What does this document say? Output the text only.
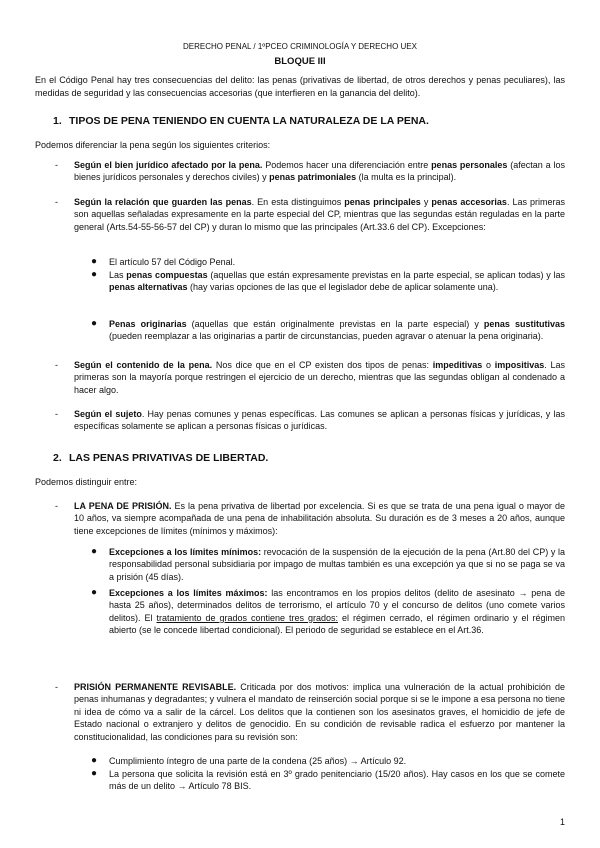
DERECHO PENAL / 1ºPCEO CRIMINOLOGÍA Y DERECHO UEX
BLOQUE III
En el Código Penal hay tres consecuencias del delito: las penas (privativas de libertad, de otros derechos y penas peculiares), las medidas de seguridad y las consecuencias accesorias (que interfieren en la ganancia del delito).
1. TIPOS DE PENA TENIENDO EN CUENTA LA NATURALEZA DE LA PENA.
Podemos diferenciar la pena según los siguientes criterios:
- Según el bien jurídico afectado por la pena. Podemos hacer una diferenciación entre penas personales (afectan a los bienes jurídicos personales y derechos civiles) y penas patrimoniales (la multa es la principal).
- Según la relación que guarden las penas. En esta distinguimos penas principales y penas accesorias. Las primeras son aquellas señaladas expresamente en la parte especial del CP, mientras que las segundas están reguladas en la parte general (Arts.54-55-56-57 del CP) y duran lo mismo que las principales (Art.33.6 del CP). Excepciones:
● El artículo 57 del Código Penal.
● Las penas compuestas (aquellas que están expresamente previstas en la parte especial, se aplican todas) y las penas alternativas (hay varias opciones de las que el legislador debe de aplicar solamente una).
● Penas originarias (aquellas que están originalmente previstas en la parte especial) y penas sustitutivas (pueden reemplazar a las originarias a partir de circunstancias, pueden agravar o atenuar la pena originaria).
- Según el contenido de la pena. Nos dice que en el CP existen dos tipos de penas: impeditivas o impositivas. Las primeras son la mayoría porque restringen el ejercicio de un derecho, mientras que las segundas obligan al condenado a hacer algo.
- Según el sujeto. Hay penas comunes y penas específicas. Las comunes se aplican a personas físicas y jurídicas, y las específicas solamente se aplican a personas físicas o jurídicas.
2. LAS PENAS PRIVATIVAS DE LIBERTAD.
Podemos distinguir entre:
- LA PENA DE PRISIÓN. Es la pena privativa de libertad por excelencia. Si es que se trata de una pena igual o mayor de 10 años, va siempre acompañada de una pena de inhabilitación absoluta. Su duración es de 3 meses a 20 años, aunque tiene excepciones de límites (mínimos y máximos):
● Excepciones a los límites mínimos: revocación de la suspensión de la ejecución de la pena (Art.80 del CP) y la responsabilidad personal subsidiaria por impago de multas también es una excepción ya que si no se paga se va a prisión (45 días).
● Excepciones a los límites máximos: las encontramos en los propios delitos (delito de asesinato → pena de hasta 25 años), determinados delitos de terrorismo, el artículo 70 y el concurso de delitos (uno comete varios delitos). El tratamiento de grados contiene tres grados: el régimen cerrado, el régimen ordinario y el régimen abierto (se le concede libertad condicional). El periodo de seguridad se establece en el Art.36.
- PRISIÓN PERMANENTE REVISABLE. Criticada por dos motivos: implica una vulneración de la actual prohibición de penas inhumanas y degradantes; y vulnera el mandato de reinserción social porque si se le impone a esa persona no tiene ni idea de cómo va a salir de la cárcel. Los delitos que la contienen son los asesinatos graves, el homicidio de jefe de Estado nacional o extranjero y delitos de genocidio. En su condición de revisable radica el esfuerzo por mantener la constitucionalidad, las condiciones para su revisión son:
● Cumplimiento íntegro de una parte de la condena (25 años) → Artículo 92.
● La persona que solicita la revisión está en 3º grado penitenciario (15/20 años). Hay casos en los que se comete más de un delito → Artículo 78 BIS.
1
